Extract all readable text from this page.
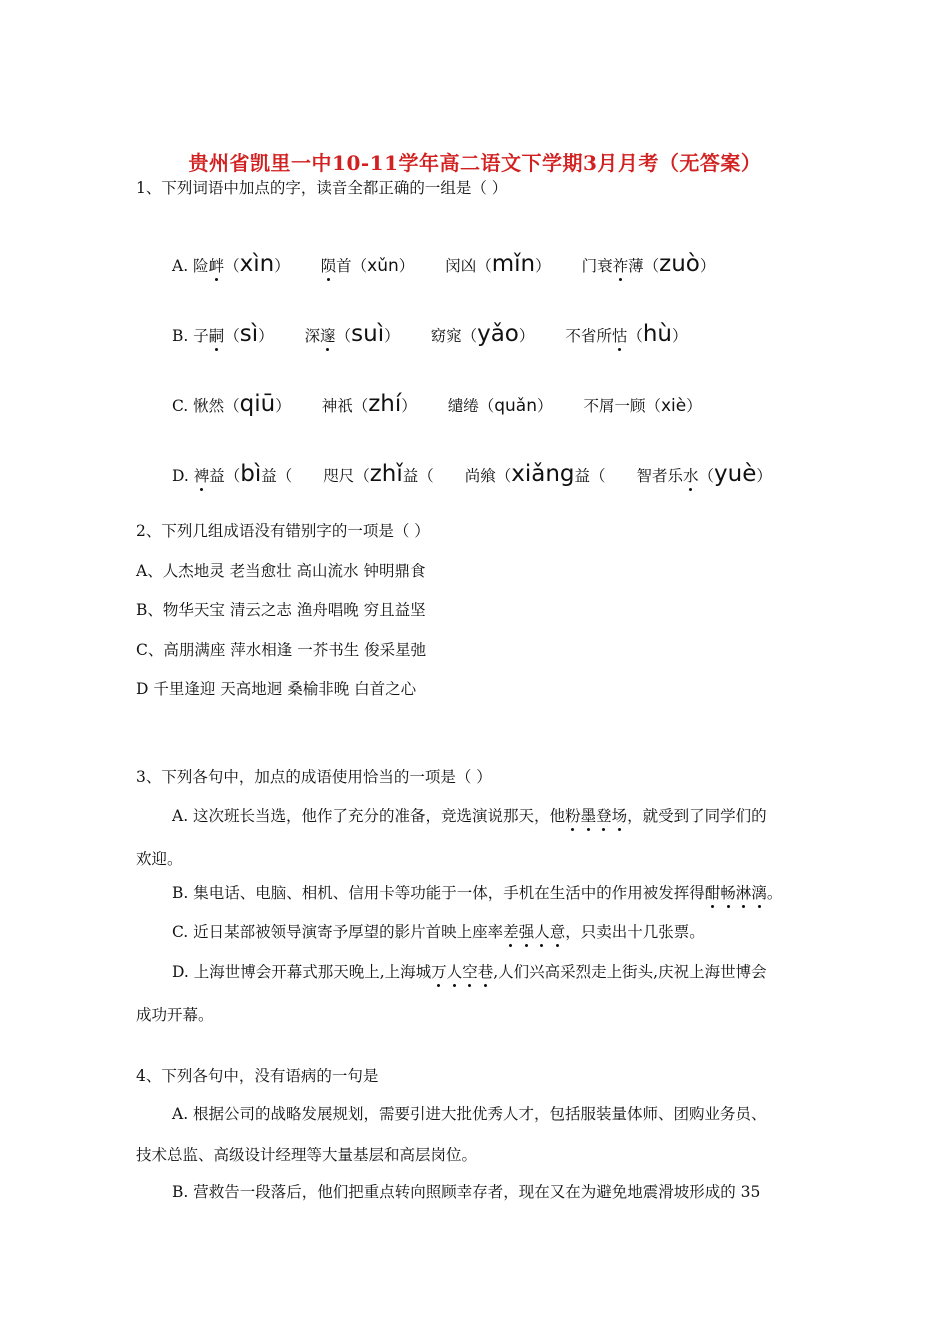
贵州省凯里一中10-11学年高二语文下学期3月月考（无答案）
1、下列词语中加点的字，读音全都正确的一组是（ ）
A. 险衅（xìn） 陨首（xǔn） 闵凶（mǐn） 门衰祚薄（zuò）
B. 子嗣（sì） 深邃（suì） 窈窕（yǎo） 不省所怙（hù）
C. 愀然（qiū） 神祇（zhí） 缱绻（quǎn） 不屑一顾（xiè）
D. 裨益（bì益（ 咫尺（zhǐ益（ 尚飨（xiǎng益（ 智者乐水（yuè）
2、下列几组成语没有错别字的一项是（ ）
A、人杰地灵 老当愈壮 高山流水 钟明鼎食
B、物华天宝 清云之志 渔舟唱晚 穷且益坚
C、高朋满座 萍水相逢 一芥书生 俊采星弛
D 千里逢迎 天高地迥 桑榆非晚 白首之心
3、下列各句中，加点的成语使用恰当的一项是（ ）
A. 这次班长当选，他作了充分的准备，竞选演说那天，他粉墨登场，就受到了同学们的
欢迎。
B. 集电话、电脑、相机、信用卡等功能于一体，手机在生活中的作用被发挥得酣畅淋漓。
C. 近日某部被领导演寄予厚望的影片首映上座率差强人意，只卖出十几张票。
D. 上海世博会开幕式那天晚上,上海城万人空巷,人们兴高采烈走上街头,庆祝上海世博会
成功开幕。
4、下列各句中，没有语病的一句是
A. 根据公司的战略发展规划，需要引进大批优秀人才，包括服装量体师、团购业务员、
技术总监、高级设计经理等大量基层和高层岗位。
B. 营救告一段落后，他们把重点转向照顾幸存者，现在又在为避免地震滑坡形成的 35
